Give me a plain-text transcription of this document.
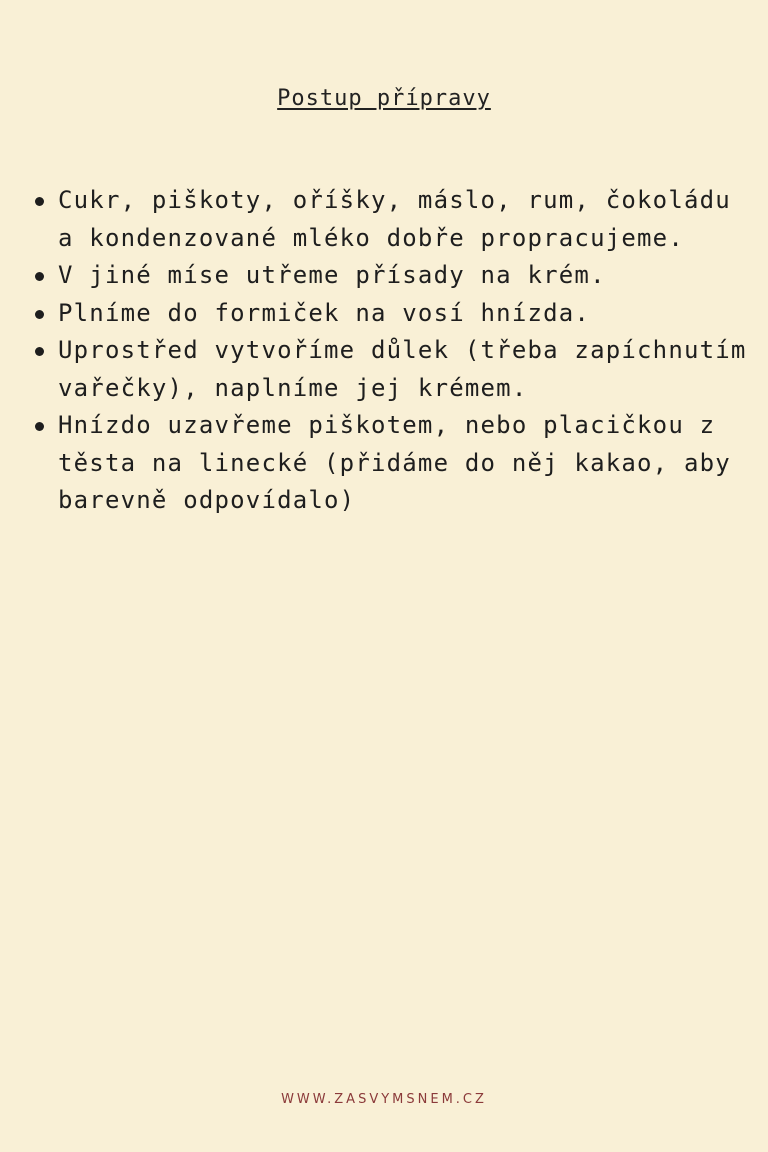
Postup přípravy
Cukr, piškoty, oříšky, máslo, rum, čokoládu a kondenzované mléko dobře propracujeme.
V jiné míse utřeme přísady na krém.
Plníme do formiček na vosí hnízda.
Uprostřed vytvoříme důlek (třeba zapíchnutím vařečky), naplníme jej krémem.
Hnízdo uzavřeme piškotem, nebo placičkou z těsta na linecké (přidáme do něj kakao, aby barevně odpovídalo)
WWW.ZASVYMSNEM.CZ
